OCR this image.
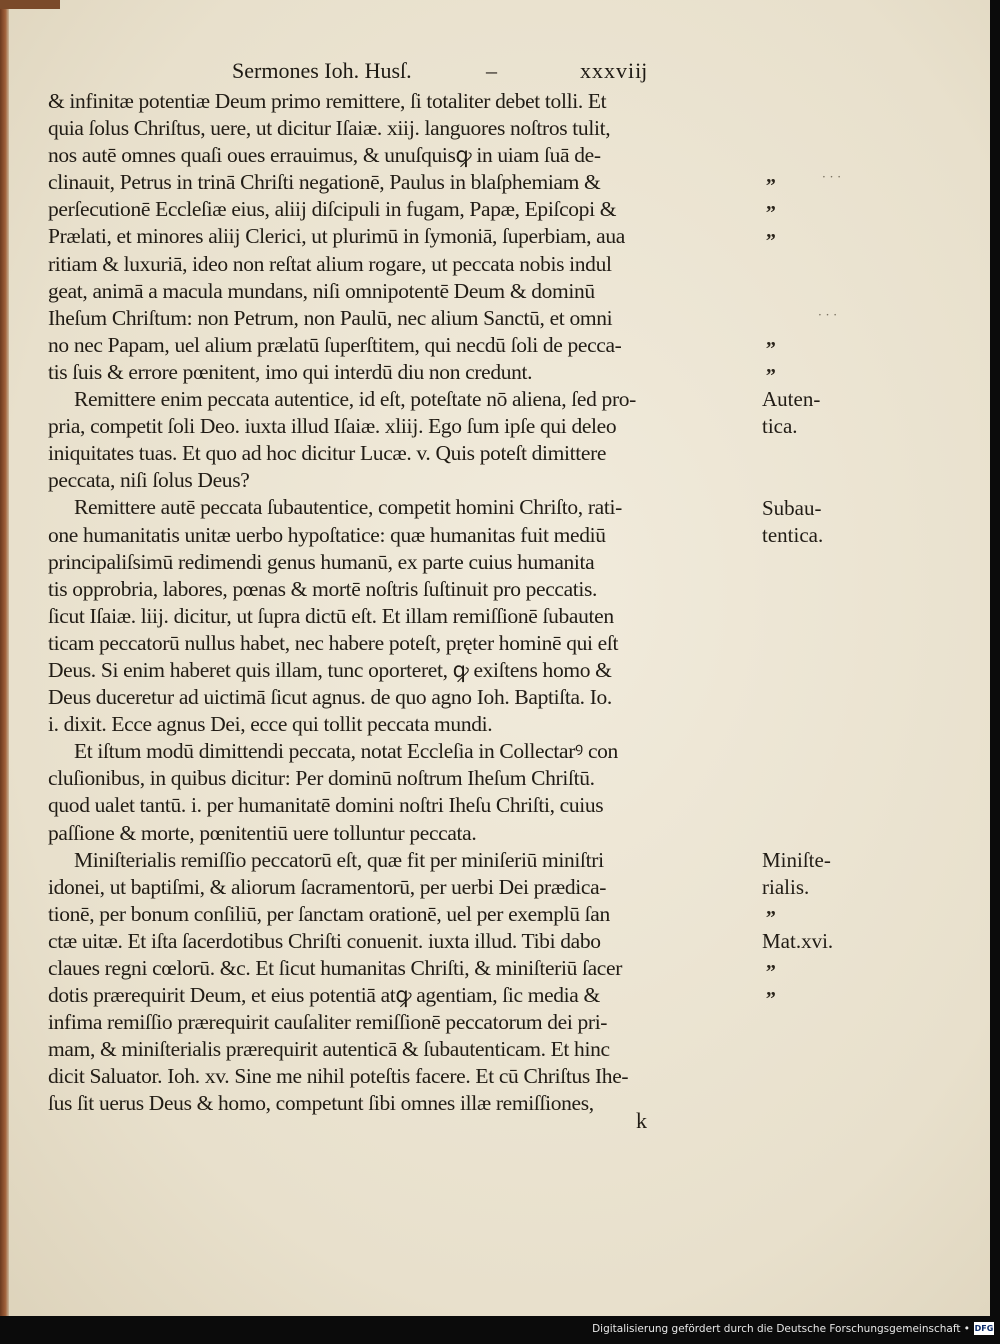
Sermones Ioh. Husſ.	–	xxxviĳ
& infinitæ potentiæ Deum primo remittere, ſi totaliter debet tolli. Et
quia ſolus Chriſtus, uere, ut dicitur Iſaiæ. xiĳ. languores noſtros tulit,
nos autē omnes quaſi oues errauimus, & unuſquisꝙ in uiam ſuā de-
clinauit, Petrus in trinā Chriſti negationē, Paulus in blaſphemiam &
perſecutionē Eccleſiæ eius, aliĳ diſcipuli in fugam, Papæ, Epiſcopi &
Prælati, et minores aliĳ Clerici, ut plurimū in ſymoniā, ſuperbiam, aua
ritiam & luxuriā, ideo non reſtat alium rogare, ut peccata nobis indul
geat, animā a macula mundans, niſi omnipotentē Deum & dominū
Iheſum Chriſtum: non Petrum, non Paulū, nec alium Sanctū, et omni
no nec Papam, uel alium prælatū ſuperſtitem, qui necdū ſoli de pecca-
tis ſuis & errore pœnitent, imo qui interdū diu non credunt.
Remittere enim peccata autentice, id eſt, poteſtate nō aliena, ſed pro-
pria, competit ſoli Deo. iuxta illud Iſaiæ. xliĳ. Ego ſum ipſe qui deleo
iniquitates tuas. Et quo ad hoc dicitur Lucæ. v. Quis poteſt dimittere
peccata, niſi ſolus Deus?
Remittere autē peccata ſubautentice, competit homini Chriſto, rati-
one humanitatis unitæ uerbo hypoſtatice: quæ humanitas fuit mediū
principaliſsimū redimendi genus humanū, ex parte cuius humanita
tis opprobria, labores, pœnas & mortē noſtris ſuſtinuit pro peccatis.
ſicut Iſaiæ. liĳ. dicitur, ut ſupra dictū eſt. Et illam remiſſionē ſubauten
ticam peccatorū nullus habet, nec habere poteſt, pręter hominē qui eſt
Deus. Si enim haberet quis illam, tunc oporteret, ꝙ exiſtens homo &
Deus duceretur ad uictimā ſicut agnus. de quo agno Ioh. Baptiſta. Io.
i. dixit. Ecce agnus Dei, ecce qui tollit peccata mundi.
Et iſtum modū dimittendi peccata, notat Eccleſia in Collectarꝰ con
cluſionibus, in quibus dicitur: Per dominū noſtrum Iheſum Chriſtū.
quod ualet tantū. i. per humanitatē domini noſtri Iheſu Chriſti, cuius
paſſione & morte, pœnitentiū uere tolluntur peccata.
Miniſterialis remiſſio peccatorū eſt, quæ fit per miniſeriū miniſtri
idonei, ut baptiſmi, & aliorum ſacramentorū, per uerbi Dei prædica-
tionē, per bonum conſiliū, per ſanctam orationē, uel per exemplū ſan
ctæ uitæ. Et iſta ſacerdotibus Chriſti conuenit. iuxta illud. Tibi dabo
claues regni cœlorū. &c. Et ſicut humanitas Chriſti, & miniſteriū ſacer
dotis prærequirit Deum, et eius potentiā atꝙ agentiam, ſic media &
infima remiſſio prærequirit cauſaliter remiſſionē peccatorum dei pri-
mam, & miniſterialis prærequirit autenticā & ſubautenticam. Et hinc
dicit Saluator. Ioh. xv. Sine me nihil poteſtis facere. Et cū Chriſtus Ihe-
ſus ſit uerus Deus & homo, competunt ſibi omnes illæ remiſſiones,
Auten-
tica.
Subau-
tentica.
Miniſte-
rialis.
Mat.xvi.
„
„
„
„
„
„
„
„
k
· · ·
· · ·
Digitalisierung gefördert durch die Deutsche Forschungsgemeinschaft • DFG
